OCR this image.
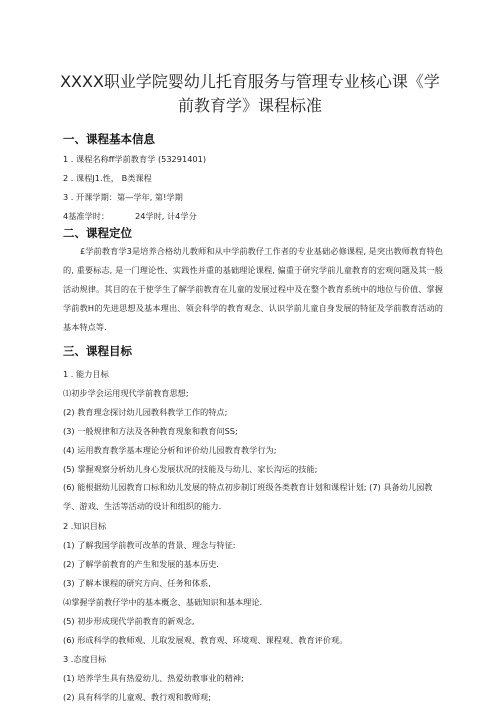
XXXX职业学院婴幼儿托育服务与管理专业核心课《学
前教育学》课程标准
一、课程基本信息
1 . 课程名称ff学前教育学 (53291401)
2 . 课程J1.性， B类课程
3 . 开课学期：第—学年, 第!学期
4基准学时：	24学时, 计4学分
二、课程定位
£学前教育学3是培养合格幼儿教师和从中学前教仔工作者的专业基础必修课程, 是突出教师教育特色的, 重要标志, 是一门理论性、实践性并重的基础理论课程, 偏重于研究学前儿童教育的宏观问题及其一般活动规律。其目的在于使学生了解学前教育在儿童的发展过程中及在整个教育系统中的地位与价值、掌握学前教H的先进思想及基本理出、领会科学的教育观念、认识学前儿童自身发展的特征及学前教育活动的基本特点等.
三、课程目标
1 . 能力目标
⑴初步学会运用现代学前教育思想;
(2) 教育理念探讨幼儿园教科教学工作的特点;
(3) 一般规律和方法及各种教育现象和教育问SS;
(4) 运用教育教学基本理论分析和评价幼儿园教育教学行为;
(5) 掌握观察分析幼儿身心发展状况的技能及与幼儿、家长沟运的技能;
(6) 能根据幼儿园教育口标和幼儿发展的特点初步制订班级各类教育计划和课程计划; (7) 具备幼儿园教学、游戏、生活等活动的设计和组织的能力.
2 .知识目标
(1) 了解我国学前教可改革的背景、理念与特征:
(2) 了解学前教育的产生和发展的基本历史.
(3) 了解本课程的研究方向、任务和体系,
⑷掌握学前教仔学中的基本概念、基础知识和基本理论.
(5) 初步形成现代学前教育的新观念,
(6) 形成科学的教师观、儿取发展观、教育观、环境观、课程观、教育评价观。
3 .态度目标
(1) 培养学生具有热爱幼儿、热爱幼教事业的精神;
(2) 具有科学的儿童观、教行观和教师观;
